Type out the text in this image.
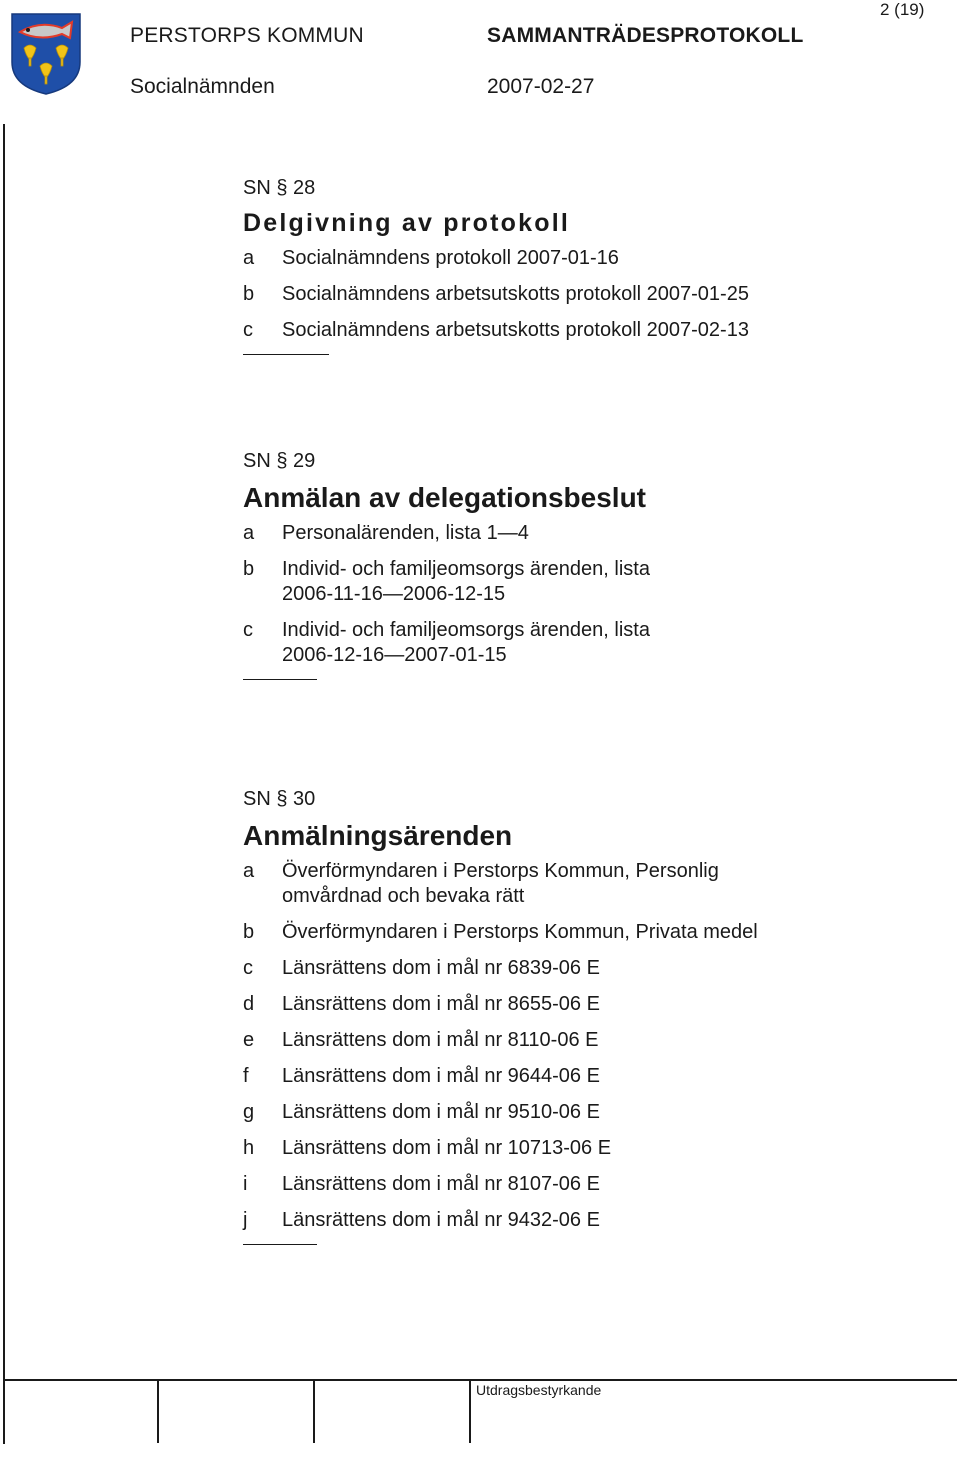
PERSTORPS KOMMUN	SAMMANTRÄDESPROTOKOLL
Socialnämnden	2007-02-27
2 (19)
SN § 28
Delgivning av protokoll
a Socialnämndens protokoll 2007-01-16
b Socialnämndens arbetsutskotts protokoll 2007-01-25
c Socialnämndens arbetsutskotts protokoll 2007-02-13
SN § 29
Anmälan av delegationsbeslut
a Personalärenden, lista 1—4
b Individ- och familjeomsorgs ärenden, lista 2006-11-16—2006-12-15
c Individ- och familjeomsorgs ärenden, lista 2006-12-16—2007-01-15
SN § 30
Anmälningsärenden
a Överförmyndaren i Perstorps Kommun, Personlig omvårdnad och bevaka rätt
b Överförmyndaren i Perstorps Kommun, Privata medel
c Länsrättens dom i mål nr 6839-06 E
d Länsrättens dom i mål nr 8655-06 E
e Länsrättens dom i mål nr 8110-06 E
f Länsrättens dom i mål nr 9644-06 E
g Länsrättens dom i mål nr 9510-06 E
h Länsrättens dom i mål nr 10713-06 E
i Länsrättens dom i mål nr 8107-06 E
j Länsrättens dom i mål nr 9432-06 E
Utdragsbestyrkande
